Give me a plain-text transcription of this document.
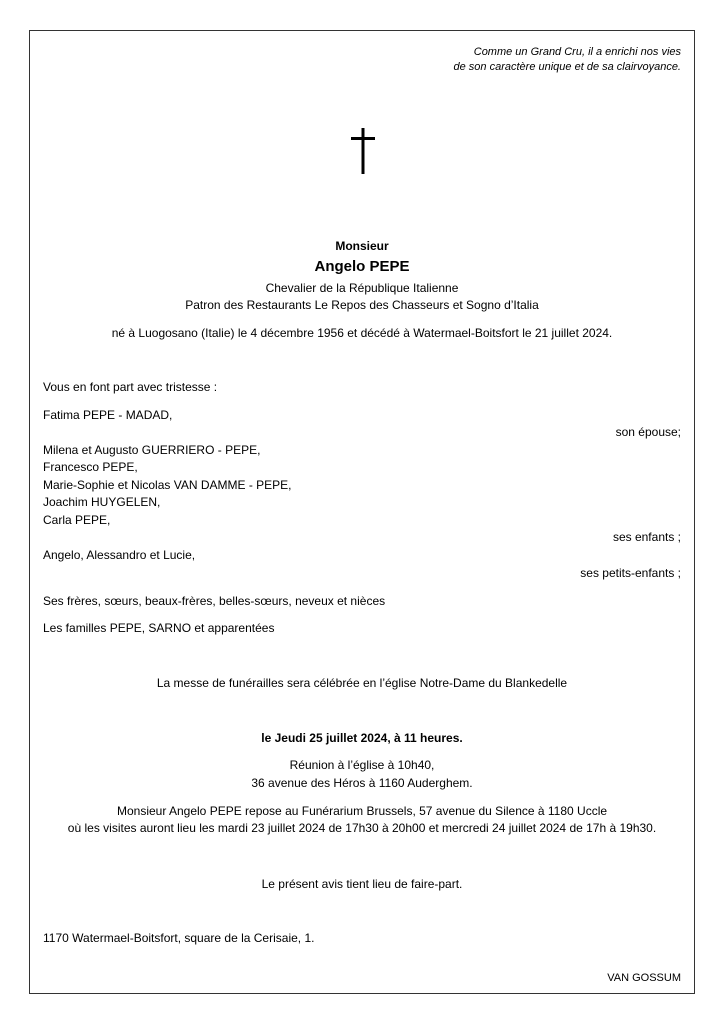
Comme un Grand Cru, il a enrichi nos vies
de son caractère unique et de sa clairvoyance.
Monsieur
Angelo PEPE
Chevalier de la République Italienne
Patron des Restaurants Le Repos des Chasseurs et Sogno d’Italia
né à Luogosano (Italie) le 4 décembre 1956 et décédé à Watermael-Boitsfort le 21 juillet 2024.
Vous en font part avec tristesse :
Fatima PEPE - MADAD,
son épouse;
Milena et Augusto GUERRIERO - PEPE,
Francesco PEPE,
Marie-Sophie et Nicolas VAN DAMME - PEPE,
Joachim HUYGELEN,
Carla PEPE,
ses enfants ;
Angelo, Alessandro et Lucie,
ses petits-enfants ;
Ses frères, sœurs, beaux-frères, belles-sœurs, neveux et nièces
Les familles PEPE, SARNO et apparentées
La messe de funérailles sera célébrée en l’église Notre-Dame du Blankedelle
le Jeudi 25 juillet 2024, à 11 heures.
Réunion à l’église à 10h40,
36 avenue des Héros à 1160 Auderghem.
Monsieur Angelo PEPE repose au Funérarium Brussels, 57 avenue du Silence à 1180 Uccle
où les visites auront lieu les mardi 23 juillet 2024 de 17h30 à 20h00 et mercredi 24 juillet 2024 de 17h à 19h30.
Le présent avis tient lieu de faire-part.
1170 Watermael-Boitsfort, square de la Cerisaie, 1.
VAN GOSSUM
